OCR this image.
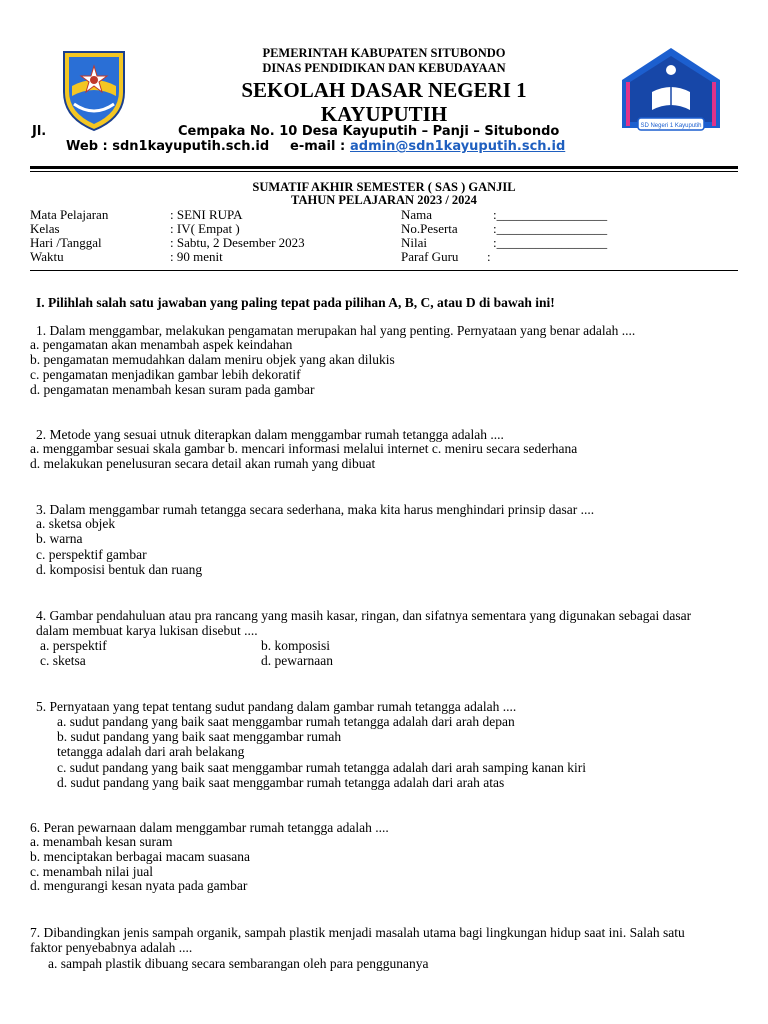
SD Negeri 1 Kayuputih
PEMERINTAH KABUPATEN SITUBONDO
DINAS PENDIDIKAN DAN KEBUDAYAAN
SEKOLAH DASAR NEGERI 1
KAYUPUTIH
Jl.	Cempaka No. 10 Desa Kayuputih – Panji – Situbondo
Web : sdn1kayuputih.sch.id e-mail : admin@sdn1kayuputih.sch.id
SUMATIF AKHIR SEMESTER ( SAS ) GANJIL
TAHUN PELAJARAN 2023 / 2024
Mata Pelajaran	: SENI RUPA
Kelas	: IV( Empat )
Hari /Tanggal	: Sabtu, 2 Desember 2023
Waktu	: 90 menit
Nama	:_________________
No.Peserta	:_________________
Nilai	:_________________
Paraf Guru :
I. Pilihlah salah satu jawaban yang paling tepat pada pilihan A, B, C, atau D di bawah ini!
1. Dalam menggambar, melakukan pengamatan merupakan hal yang penting. Pernyataan yang benar adalah ....
a. pengamatan akan menambah aspek keindahan
b. pengamatan memudahkan dalam meniru objek yang akan dilukis
c. pengamatan menjadikan gambar lebih dekoratif
d. pengamatan menambah kesan suram pada gambar
2. Metode yang sesuai utnuk diterapkan dalam menggambar rumah tetangga adalah ....
a. menggambar sesuai skala gambar b. mencari informasi melalui internet c. meniru secara sederhana
d. melakukan penelusuran secara detail akan rumah yang dibuat
3. Dalam menggambar rumah tetangga secara sederhana, maka kita harus menghindari prinsip dasar ....
a. sketsa objek
b. warna
c. perspektif gambar
d. komposisi bentuk dan ruang
4. Gambar pendahuluan atau pra rancang yang masih kasar, ringan, dan sifatnya sementara yang digunakan sebagai dasar
dalam membuat karya lukisan disebut ....
a. perspektif	b. komposisi
c. sketsa	d. pewarnaan
5. Pernyataan yang tepat tentang sudut pandang dalam gambar rumah tetangga adalah ....
a. sudut pandang yang baik saat menggambar rumah tetangga adalah dari arah depan
b. sudut pandang yang baik saat menggambar rumah
tetangga adalah dari arah belakang
c. sudut pandang yang baik saat menggambar rumah tetangga adalah dari arah samping kanan kiri
d. sudut pandang yang baik saat menggambar rumah tetangga adalah dari arah atas
6. Peran pewarnaan dalam menggambar rumah tetangga adalah ....
a. menambah kesan suram
b. menciptakan berbagai macam suasana
c. menambah nilai jual
d. mengurangi kesan nyata pada gambar
7. Dibandingkan jenis sampah organik, sampah plastik menjadi masalah utama bagi lingkungan hidup saat ini. Salah satu
faktor penyebabnya adalah ....
a. sampah plastik dibuang secara sembarangan oleh para penggunanya
